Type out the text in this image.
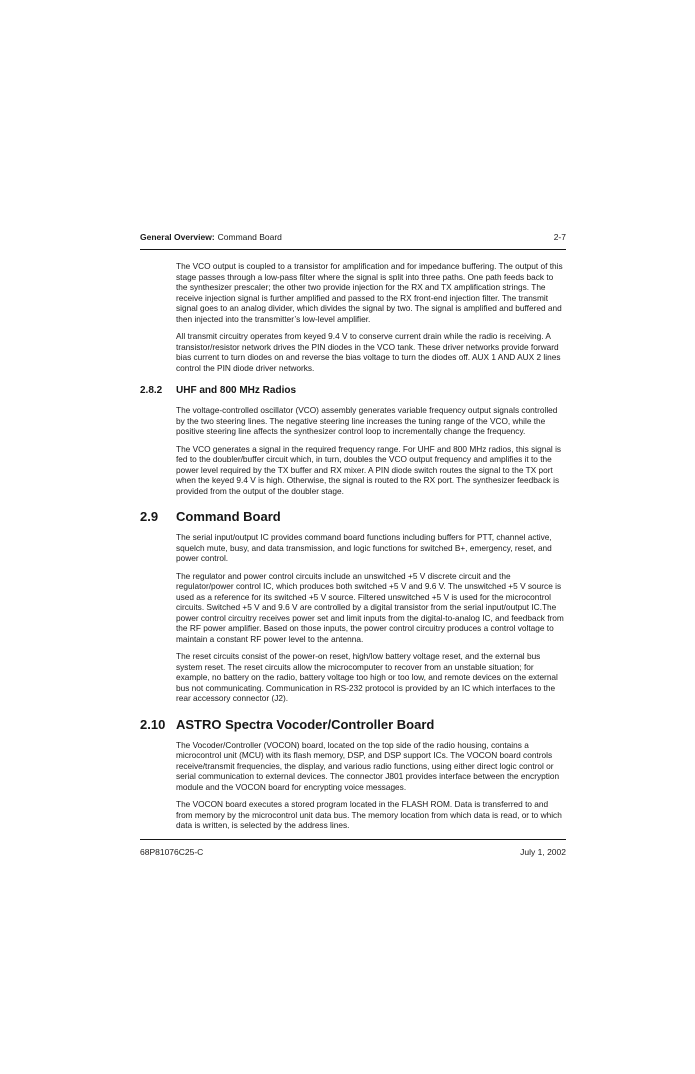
General Overview: Command Board	2-7

The VCO output is coupled to a transistor for amplification and for impedance buffering. The output of this stage passes through a low-pass filter where the signal is split into three paths. One path feeds back to the synthesizer prescaler; the other two provide injection for the RX and TX amplification strings. The receive injection signal is further amplified and passed to the RX front-end injection filter. The transmit signal goes to an analog divider, which divides the signal by two. The signal is amplified and buffered and then injected into the transmitter’s low-level amplifier.

All transmit circuitry operates from keyed 9.4 V to conserve current drain while the radio is receiving. A transistor/resistor network drives the PIN diodes in the VCO tank. These driver networks provide forward bias current to turn diodes on and reverse the bias voltage to turn the diodes off. AUX 1 AND AUX 2 lines control the PIN diode driver networks.

2.8.2	UHF and 800 MHz Radios

The voltage-controlled oscillator (VCO) assembly generates variable frequency output signals controlled by the two steering lines. The negative steering line increases the tuning range of the VCO, while the positive steering line affects the synthesizer control loop to incrementally change the frequency.

The VCO generates a signal in the required frequency range. For UHF and 800 MHz radios, this signal is fed to the doubler/buffer circuit which, in turn, doubles the VCO output frequency and amplifies it to the power level required by the TX buffer and RX mixer. A PIN diode switch routes the signal to the TX port when the keyed 9.4 V is high. Otherwise, the signal is routed to the RX port. The synthesizer feedback is provided from the output of the doubler stage.

2.9	Command Board

The serial input/output IC provides command board functions including buffers for PTT, channel active, squelch mute, busy, and data transmission, and logic functions for switched B+, emergency, reset, and power control.

The regulator and power control circuits include an unswitched +5 V discrete circuit and the regulator/power control IC, which produces both switched +5 V and 9.6 V. The unswitched +5 V source is used as a reference for its switched +5 V source. Filtered unswitched +5 V is used for the microcontrol circuits. Switched +5 V and 9.6 V are controlled by a digital transistor from the serial input/output IC.The power control circuitry receives power set and limit inputs from the digital-to-analog IC, and feedback from the RF power amplifier. Based on those inputs, the power control circuitry produces a control voltage to maintain a constant RF power level to the antenna.

The reset circuits consist of the power-on reset, high/low battery voltage reset, and the external bus system reset. The reset circuits allow the microcomputer to recover from an unstable situation; for example, no battery on the radio, battery voltage too high or too low, and remote devices on the external bus not communicating. Communication in RS-232 protocol is provided by an IC which interfaces to the rear accessory connector (J2).

2.10 ASTRO Spectra Vocoder/Controller Board

The Vocoder/Controller (VOCON) board, located on the top side of the radio housing, contains a microcontrol unit (MCU) with its flash memory, DSP, and DSP support ICs. The VOCON board controls receive/transmit frequencies, the display, and various radio functions, using either direct logic control or serial communication to external devices. The connector J801 provides interface between the encryption module and the VOCON board for encrypting voice messages.

The VOCON board executes a stored program located in the FLASH ROM. Data is transferred to and from memory by the microcontrol unit data bus. The memory location from which data is read, or to which data is written, is selected by the address lines.

68P81076C25-C	July 1, 2002
